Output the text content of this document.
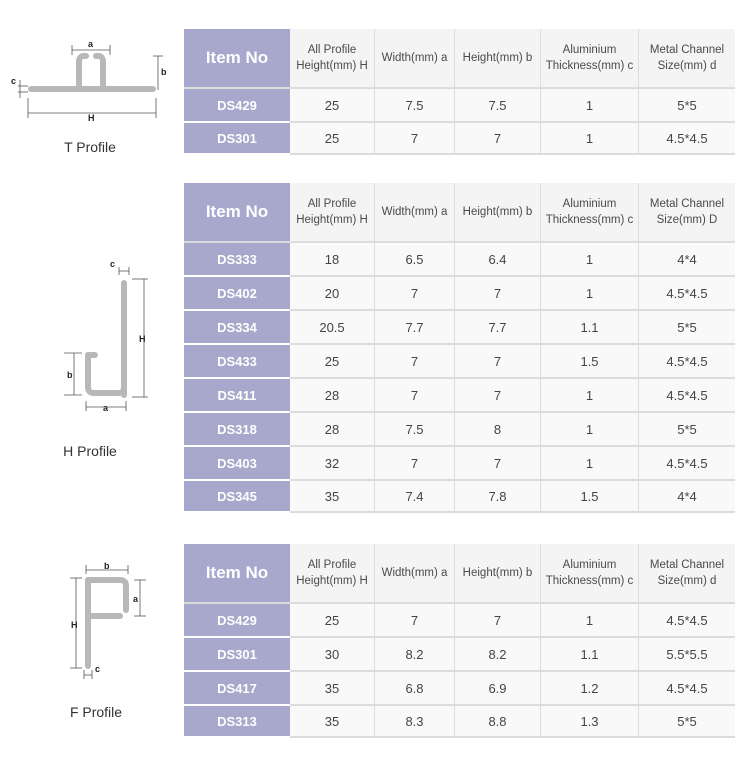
a
b
c
H
T Profile
Item No	All Profile Height(mm) H	Width(mm) a	Height(mm) b	Aluminium Thickness(mm) c	Metal Channel Size(mm) d
DS429	25	7.5	7.5	1	5*5
DS301	25	7	7	1	4.5*4.5
c
H
b
a
H Profile
Item No	All Profile Height(mm) H	Width(mm) a	Height(mm) b	Aluminium Thickness(mm) c	Metal Channel Size(mm) D
DS333	18	6.5	6.4	1	4*4
DS402	20	7	7	1	4.5*4.5
DS334	20.5	7.7	7.7	1.1	5*5
DS433	25	7	7	1.5	4.5*4.5
DS411	28	7	7	1	4.5*4.5
DS318	28	7.5	8	1	5*5
DS403	32	7	7	1	4.5*4.5
DS345	35	7.4	7.8	1.5	4*4
b
a
H
c
F Profile
Item No	All Profile Height(mm) H	Width(mm) a	Height(mm) b	Aluminium Thickness(mm) c	Metal Channel Size(mm) d
DS429	25	7	7	1	4.5*4.5
DS301	30	8.2	8.2	1.1	5.5*5.5
DS417	35	6.8	6.9	1.2	4.5*4.5
DS313	35	8.3	8.8	1.3	5*5
